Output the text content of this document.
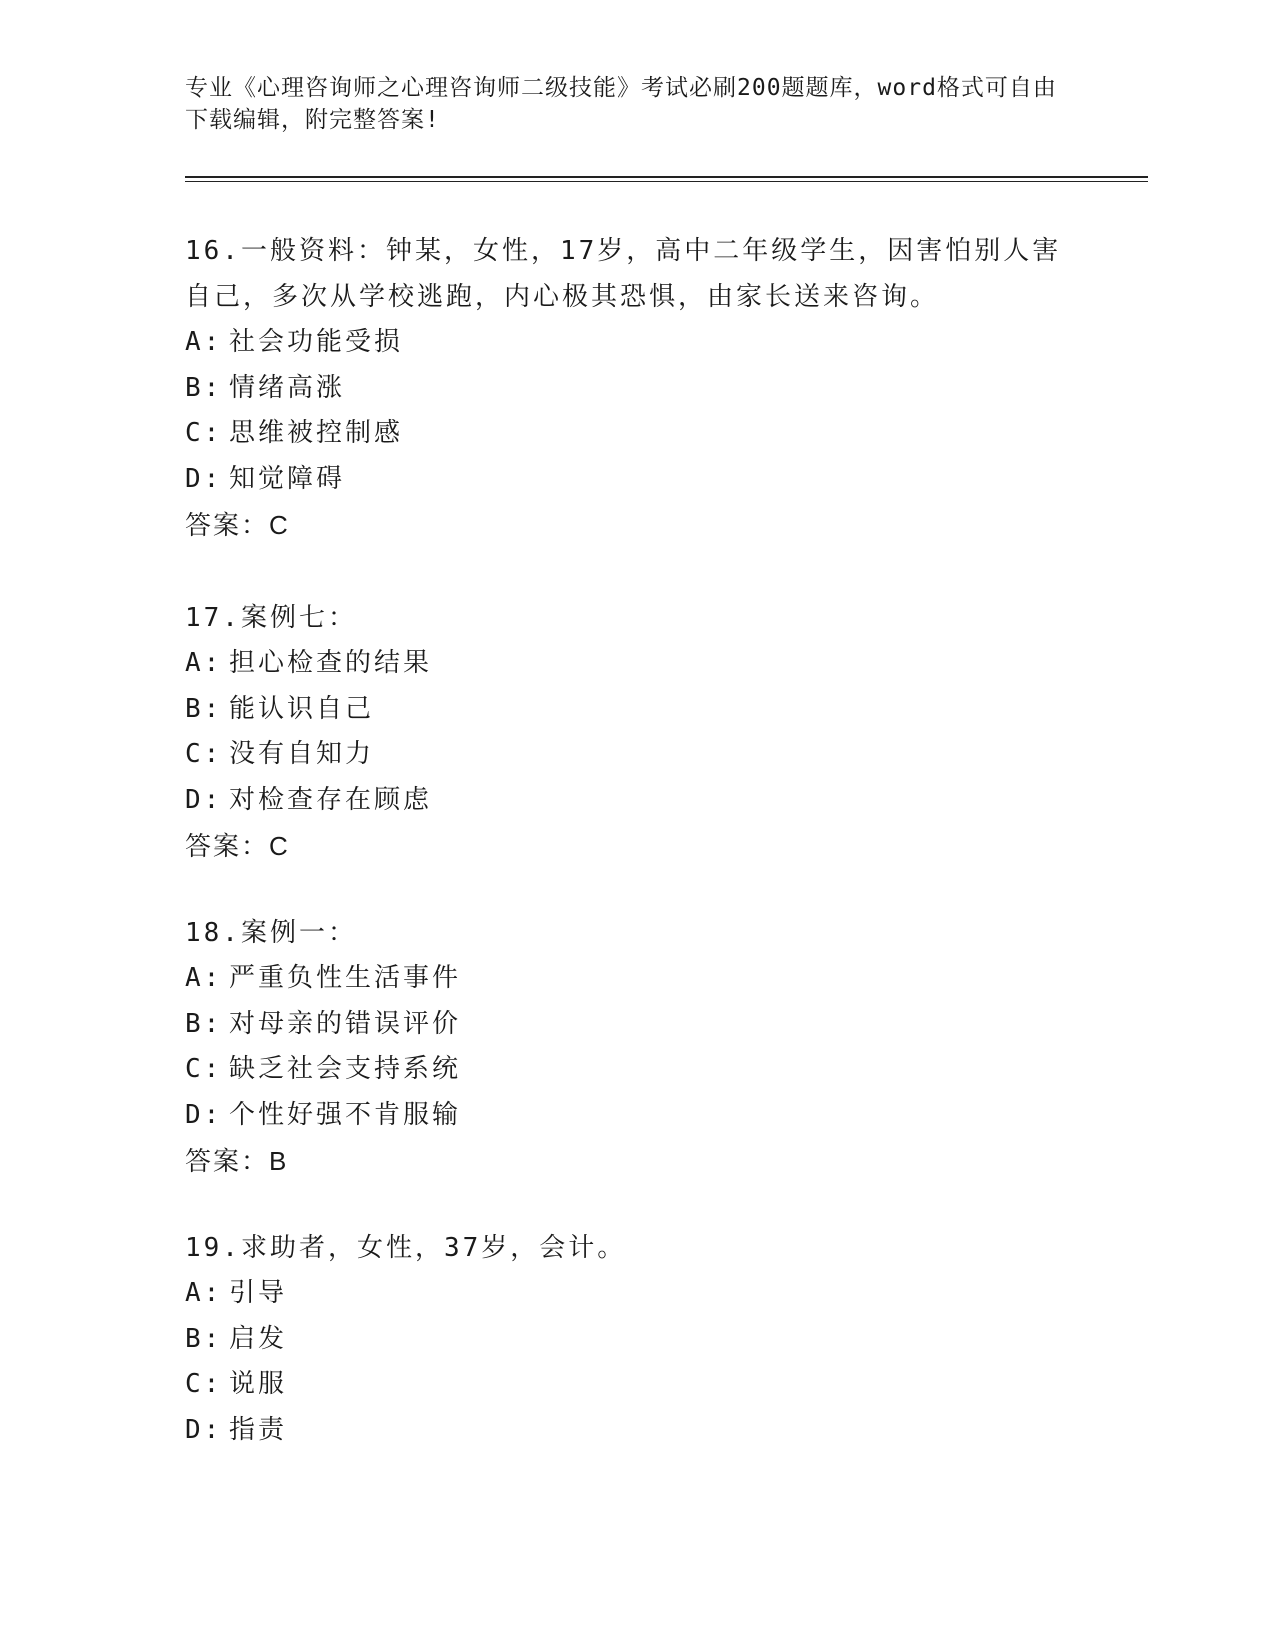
专业《心理咨询师之心理咨询师二级技能》考试必刷200题题库，word格式可自由下载编辑，附完整答案!
16.一般资料：钟某，女性，17岁，高中二年级学生，因害怕别人害自己，多次从学校逃跑，内心极其恐惧，由家长送来咨询。
A: 社会功能受损
B: 情绪高涨
C: 思维被控制感
D: 知觉障碍
答案：C
17.案例七：
A: 担心检查的结果
B: 能认识自己
C: 没有自知力
D: 对检查存在顾虑
答案：C
18.案例一：
A: 严重负性生活事件
B: 对母亲的错误评价
C: 缺乏社会支持系统
D: 个性好强不肯服输
答案：B
19.求助者，女性，37岁，会计。
A: 引导
B: 启发
C: 说服
D: 指责
